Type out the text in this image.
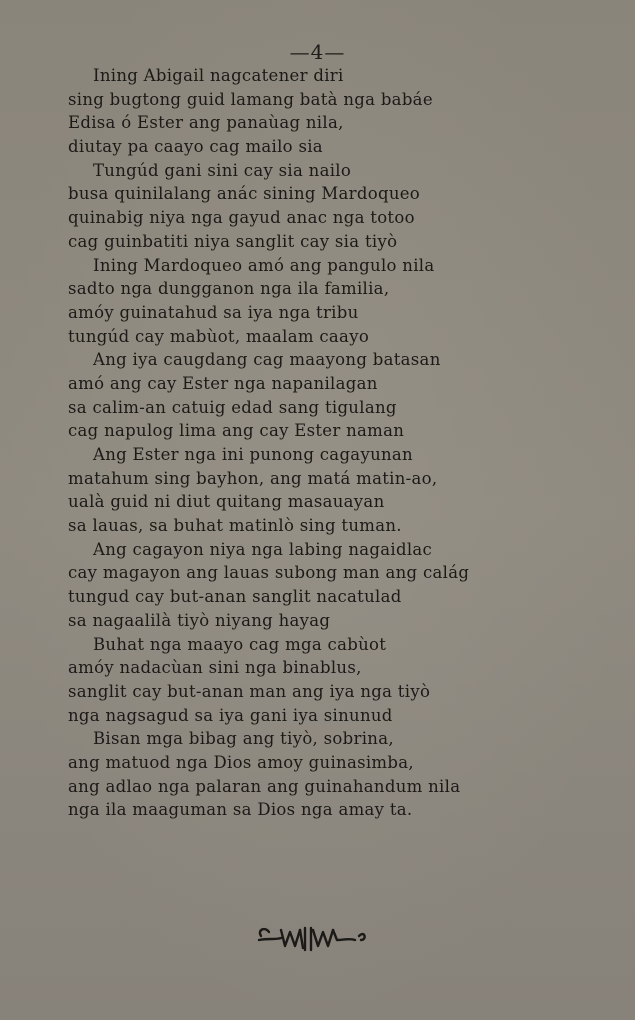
—4—
Ining Abigail nagcatener diri
sing bugtong guid lamang batà nga babáe
Edisa ó Ester ang panaùag nila,
diutay pa caayo cag mailo sia
Tungúd gani sini cay sia nailo
busa quinilalang anác sining Mardoqueo
quinabig niya nga gayud anac nga totoo
cag guinbatiti niya sanglit cay sia tiyò
Ining Mardoqueo amó ang pangulo nila
sadto nga dungganon nga ila familia,
amóy guinatahud sa iya nga tribu
tungúd cay mabùot, maalam caayo
Ang iya caugdang cag maayong batasan
amó ang cay Ester nga napanilagan
sa calim-an catuig edad sang tigulang
cag napulog lima ang cay Ester naman
Ang Ester nga ini punong cagayunan
matahum sing bayhon, ang matá matin-ao,
ualà guid ni diut quitang masauayan
sa lauas, sa buhat matinlò sing tuman.
Ang cagayon niya nga labing nagaidlac
cay magayon ang lauas subong man ang calág
tungud cay but-anan sanglit nacatulad
sa nagaalilà tiyò niyang hayag
Buhat nga maayo cag mga cabùot
amóy nadacùan sini nga binablus,
sanglit cay but-anan man ang iya nga tiyò
nga nagsagud sa iya gani iya sinunud
Bisan mga bibag ang tiyò, sobrina,
ang matuod nga Dios amoy guinasimba,
ang adlao nga palaran ang guinahandum nila
nga ila maaguman sa Dios nga amay ta.
